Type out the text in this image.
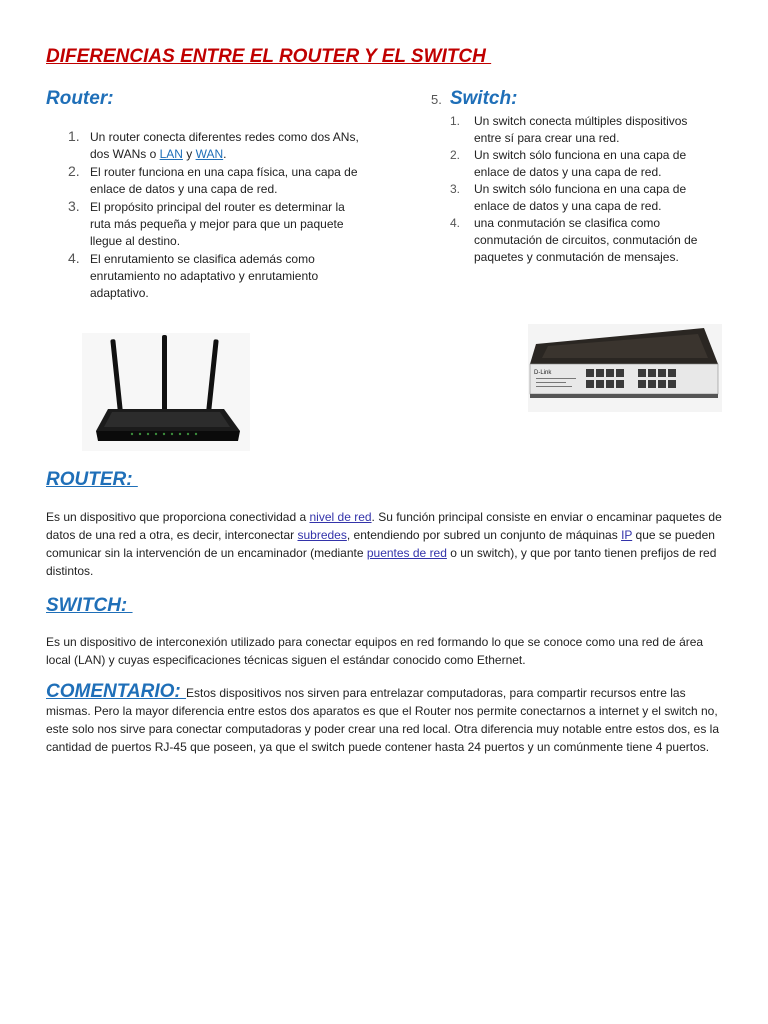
DIFERENCIAS ENTRE EL ROUTER Y EL SWITCH
Router:	5. Switch:
1. Un router conecta diferentes redes como dos ANs, dos WANs o LAN y WAN.
2. El router funciona en una capa física, una capa de enlace de datos y una capa de red.
3. El propósito principal del router es determinar la ruta más pequeña y mejor para que un paquete llegue al destino.
4. El enrutamiento se clasifica además como enrutamiento no adaptativo y enrutamiento adaptativo.
1. Un switch conecta múltiples dispositivos entre sí para crear una red.
2. Un switch sólo funciona en una capa de enlace de datos y una capa de red.
3. Un switch sólo funciona en una capa de enlace de datos y una capa de red.
4. una conmutación se clasifica como conmutación de circuitos, conmutación de paquetes y conmutación de mensajes.
D-Link
ROUTER:

Es un dispositivo que proporciona conectividad a nivel de red. Su función principal consiste en enviar o encaminar paquetes de datos de una red a otra, es decir, interconectar subredes, entendiendo por subred un conjunto de máquinas IP que se pueden comunicar sin la intervención de un encaminador (mediante puentes de red o un switch), y que por tanto tienen prefijos de red distintos.

SWITCH:

Es un dispositivo de interconexión utilizado para conectar equipos en red formando lo que se conoce como una red de área local (LAN) y cuyas especificaciones técnicas siguen el estándar conocido como Ethernet.

COMENTARIO: Estos dispositivos nos sirven para entrelazar computadoras, para compartir recursos entre las mismas. Pero la mayor diferencia entre estos dos aparatos es que el Router nos permite conectarnos a internet y el switch no, este solo nos sirve para conectar computadoras y poder crear una red local. Otra diferencia muy notable entre estos dos, es la cantidad de puertos RJ-45 que poseen, ya que el switch puede contener hasta 24 puertos y un comúnmente tiene 4 puertos.
